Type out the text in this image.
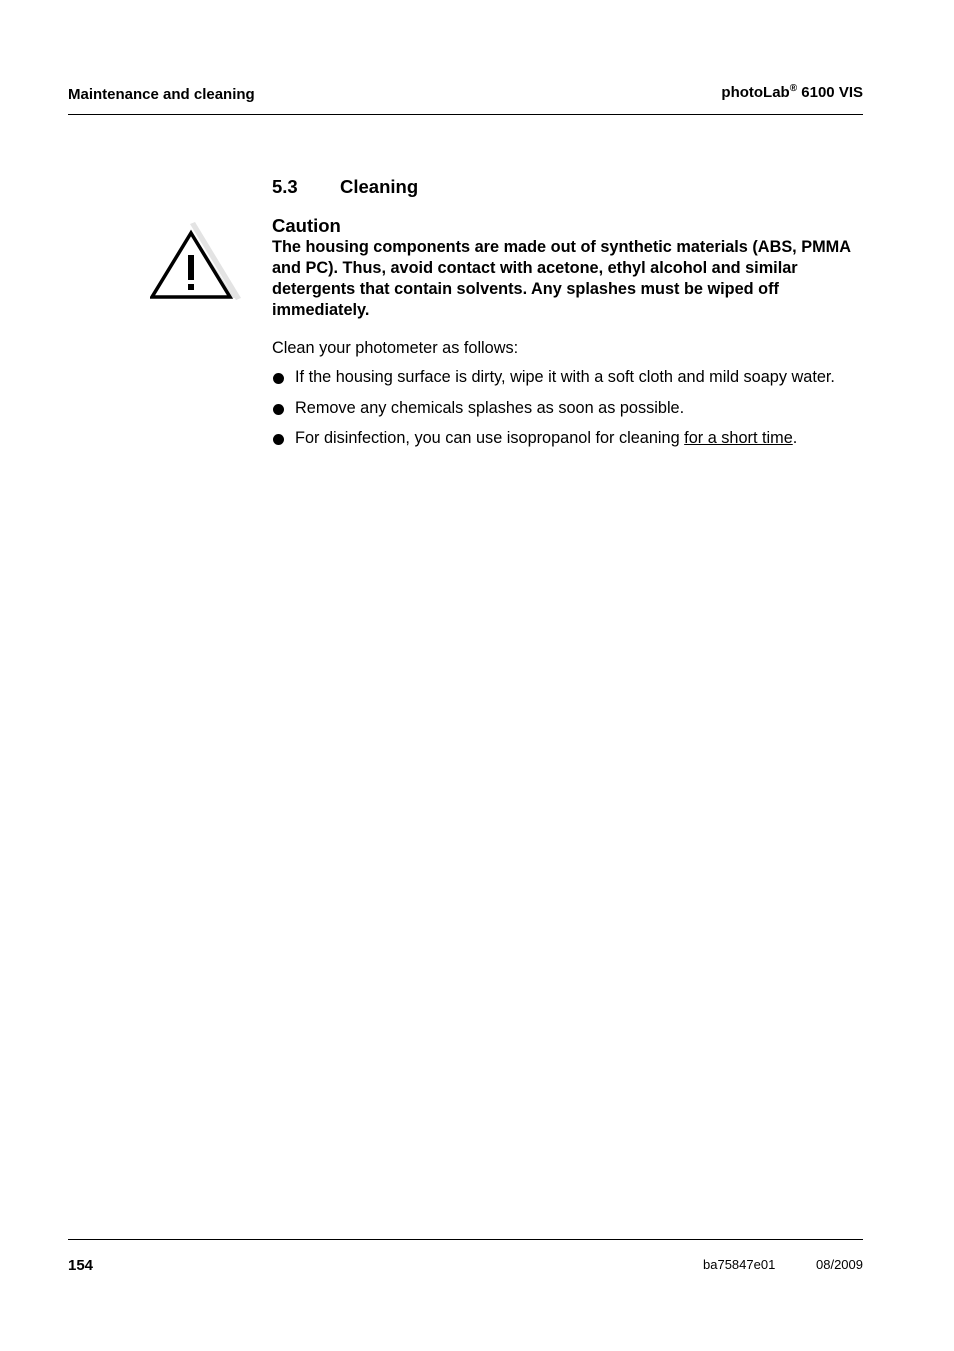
Maintenance and cleaning	photoLab® 6100 VIS
5.3 Cleaning
Caution
The housing components are made out of synthetic materials (ABS, PMMA and PC). Thus, avoid contact with acetone, ethyl alcohol and similar detergents that contain solvents. Any splashes must be wiped off immediately.
Clean your photometer as follows:
If the housing surface is dirty, wipe it with a soft cloth and mild soapy water.
Remove any chemicals splashes as soon as possible.
For disinfection, you can use isopropanol for cleaning for a short time.
154	ba75847e01	08/2009
